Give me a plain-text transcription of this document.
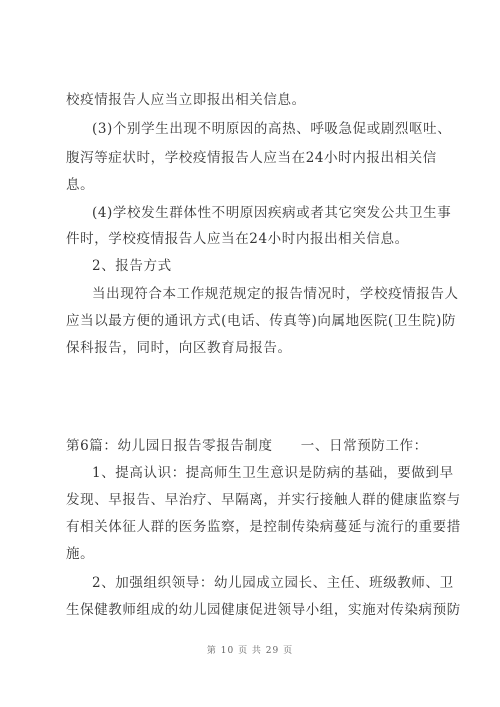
校疫情报告人应当立即报出相关信息。
(3)个别学生出现不明原因的高热、呼吸急促或剧烈呕吐、
腹泻等症状时，学校疫情报告人应当在24小时内报出相关信
息。
(4)学校发生群体性不明原因疾病或者其它突发公共卫生事
件时，学校疫情报告人应当在24小时内报出相关信息。
2、报告方式
当出现符合本工作规范规定的报告情况时，学校疫情报告人
应当以最方便的通讯方式(电话、传真等)向属地医院(卫生院)防
保科报告，同时，向区教育局报告。
第6篇：幼儿园日报告零报告制度　　一、日常预防工作：
1、提高认识：提高师生卫生意识是防病的基础，要做到早
发现、早报告、早治疗、早隔离，并实行接触人群的健康监察与
有相关体征人群的医务监察，是控制传染病蔓延与流行的重要措
施。
2、加强组织领导：幼儿园成立园长、主任、班级教师、卫
生保健教师组成的幼儿园健康促进领导小组，实施对传染病预防
第 10 页 共 29 页
